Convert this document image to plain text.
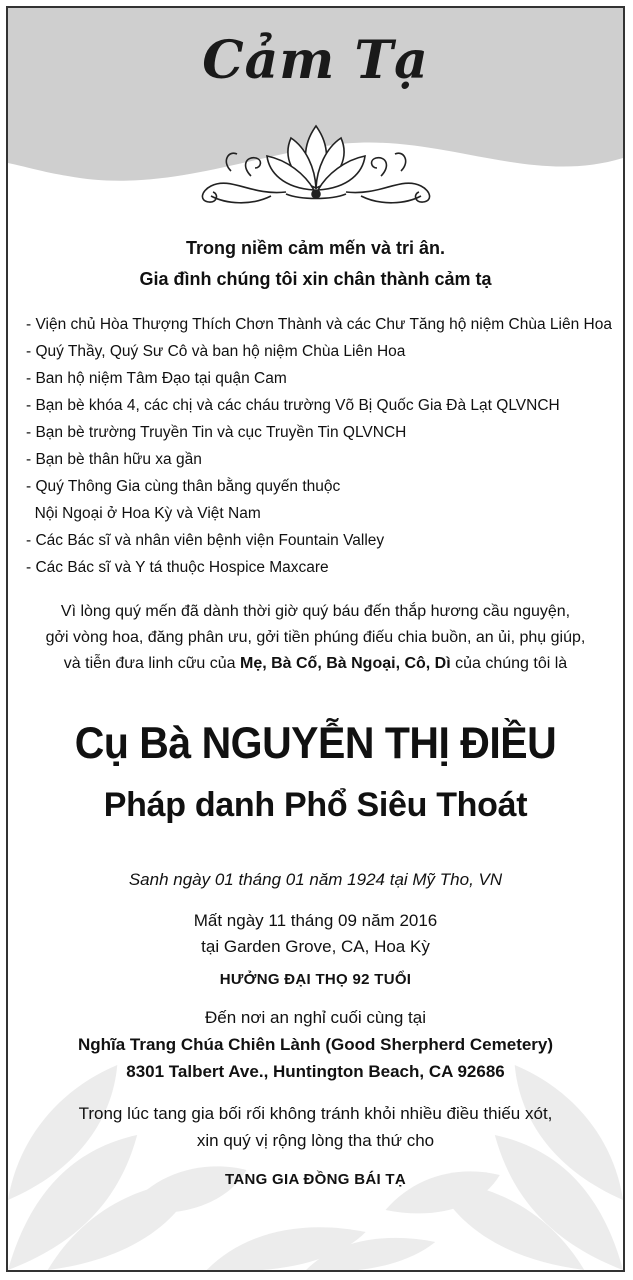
Cảm Tạ
Trong niềm cảm mến và tri ân.
Gia đình chúng tôi xin chân thành cảm tạ
- Viện chủ Hòa Thượng Thích Chơn Thành và các Chư Tăng hộ niệm Chùa Liên Hoa
- Quý Thầy, Quý Sư Cô và ban hộ niệm Chùa Liên Hoa
- Ban hộ niệm Tâm Đạo tại quận Cam
- Bạn bè khóa 4, các chị và các cháu trường Võ Bị Quốc Gia Đà Lạt QLVNCH
- Bạn bè trường Truyền Tin và cục Truyền Tin QLVNCH
- Bạn bè thân hữu xa gần
- Quý Thông Gia cùng thân bằng quyến thuộc
Nội Ngoại ở Hoa Kỳ và Việt Nam
- Các Bác sĩ và nhân viên bệnh viện Fountain Valley
- Các Bác sĩ và Y tá thuộc Hospice Maxcare
Vì lòng quý mến đã dành thời giờ quý báu đến thắp hương cầu nguyện,
gởi vòng hoa, đăng phân ưu, gởi tiền phúng điếu chia buồn, an ủi, phụ giúp,
và tiễn đưa linh cữu của Mẹ, Bà Cố, Bà Ngoại, Cô, Dì của chúng tôi là
Cụ Bà NGUYỄN THỊ ĐIỀU
Pháp danh Phổ Siêu Thoát
Sanh ngày 01 tháng 01 năm 1924 tại Mỹ Tho, VN
Mất ngày 11 tháng 09 năm 2016
tại Garden Grove, CA, Hoa Kỳ
HƯỞNG ĐẠI THỌ 92 TUỔI
Đến nơi an nghỉ cuối cùng tại
Nghĩa Trang Chúa Chiên Lành (Good Sherpherd Cemetery)
8301 Talbert Ave., Huntington Beach, CA 92686
Trong lúc tang gia bối rối không tránh khỏi nhiều điều thiếu xót,
xin quý vị rộng lòng tha thứ cho
TANG GIA ĐỒNG BÁI TẠ
